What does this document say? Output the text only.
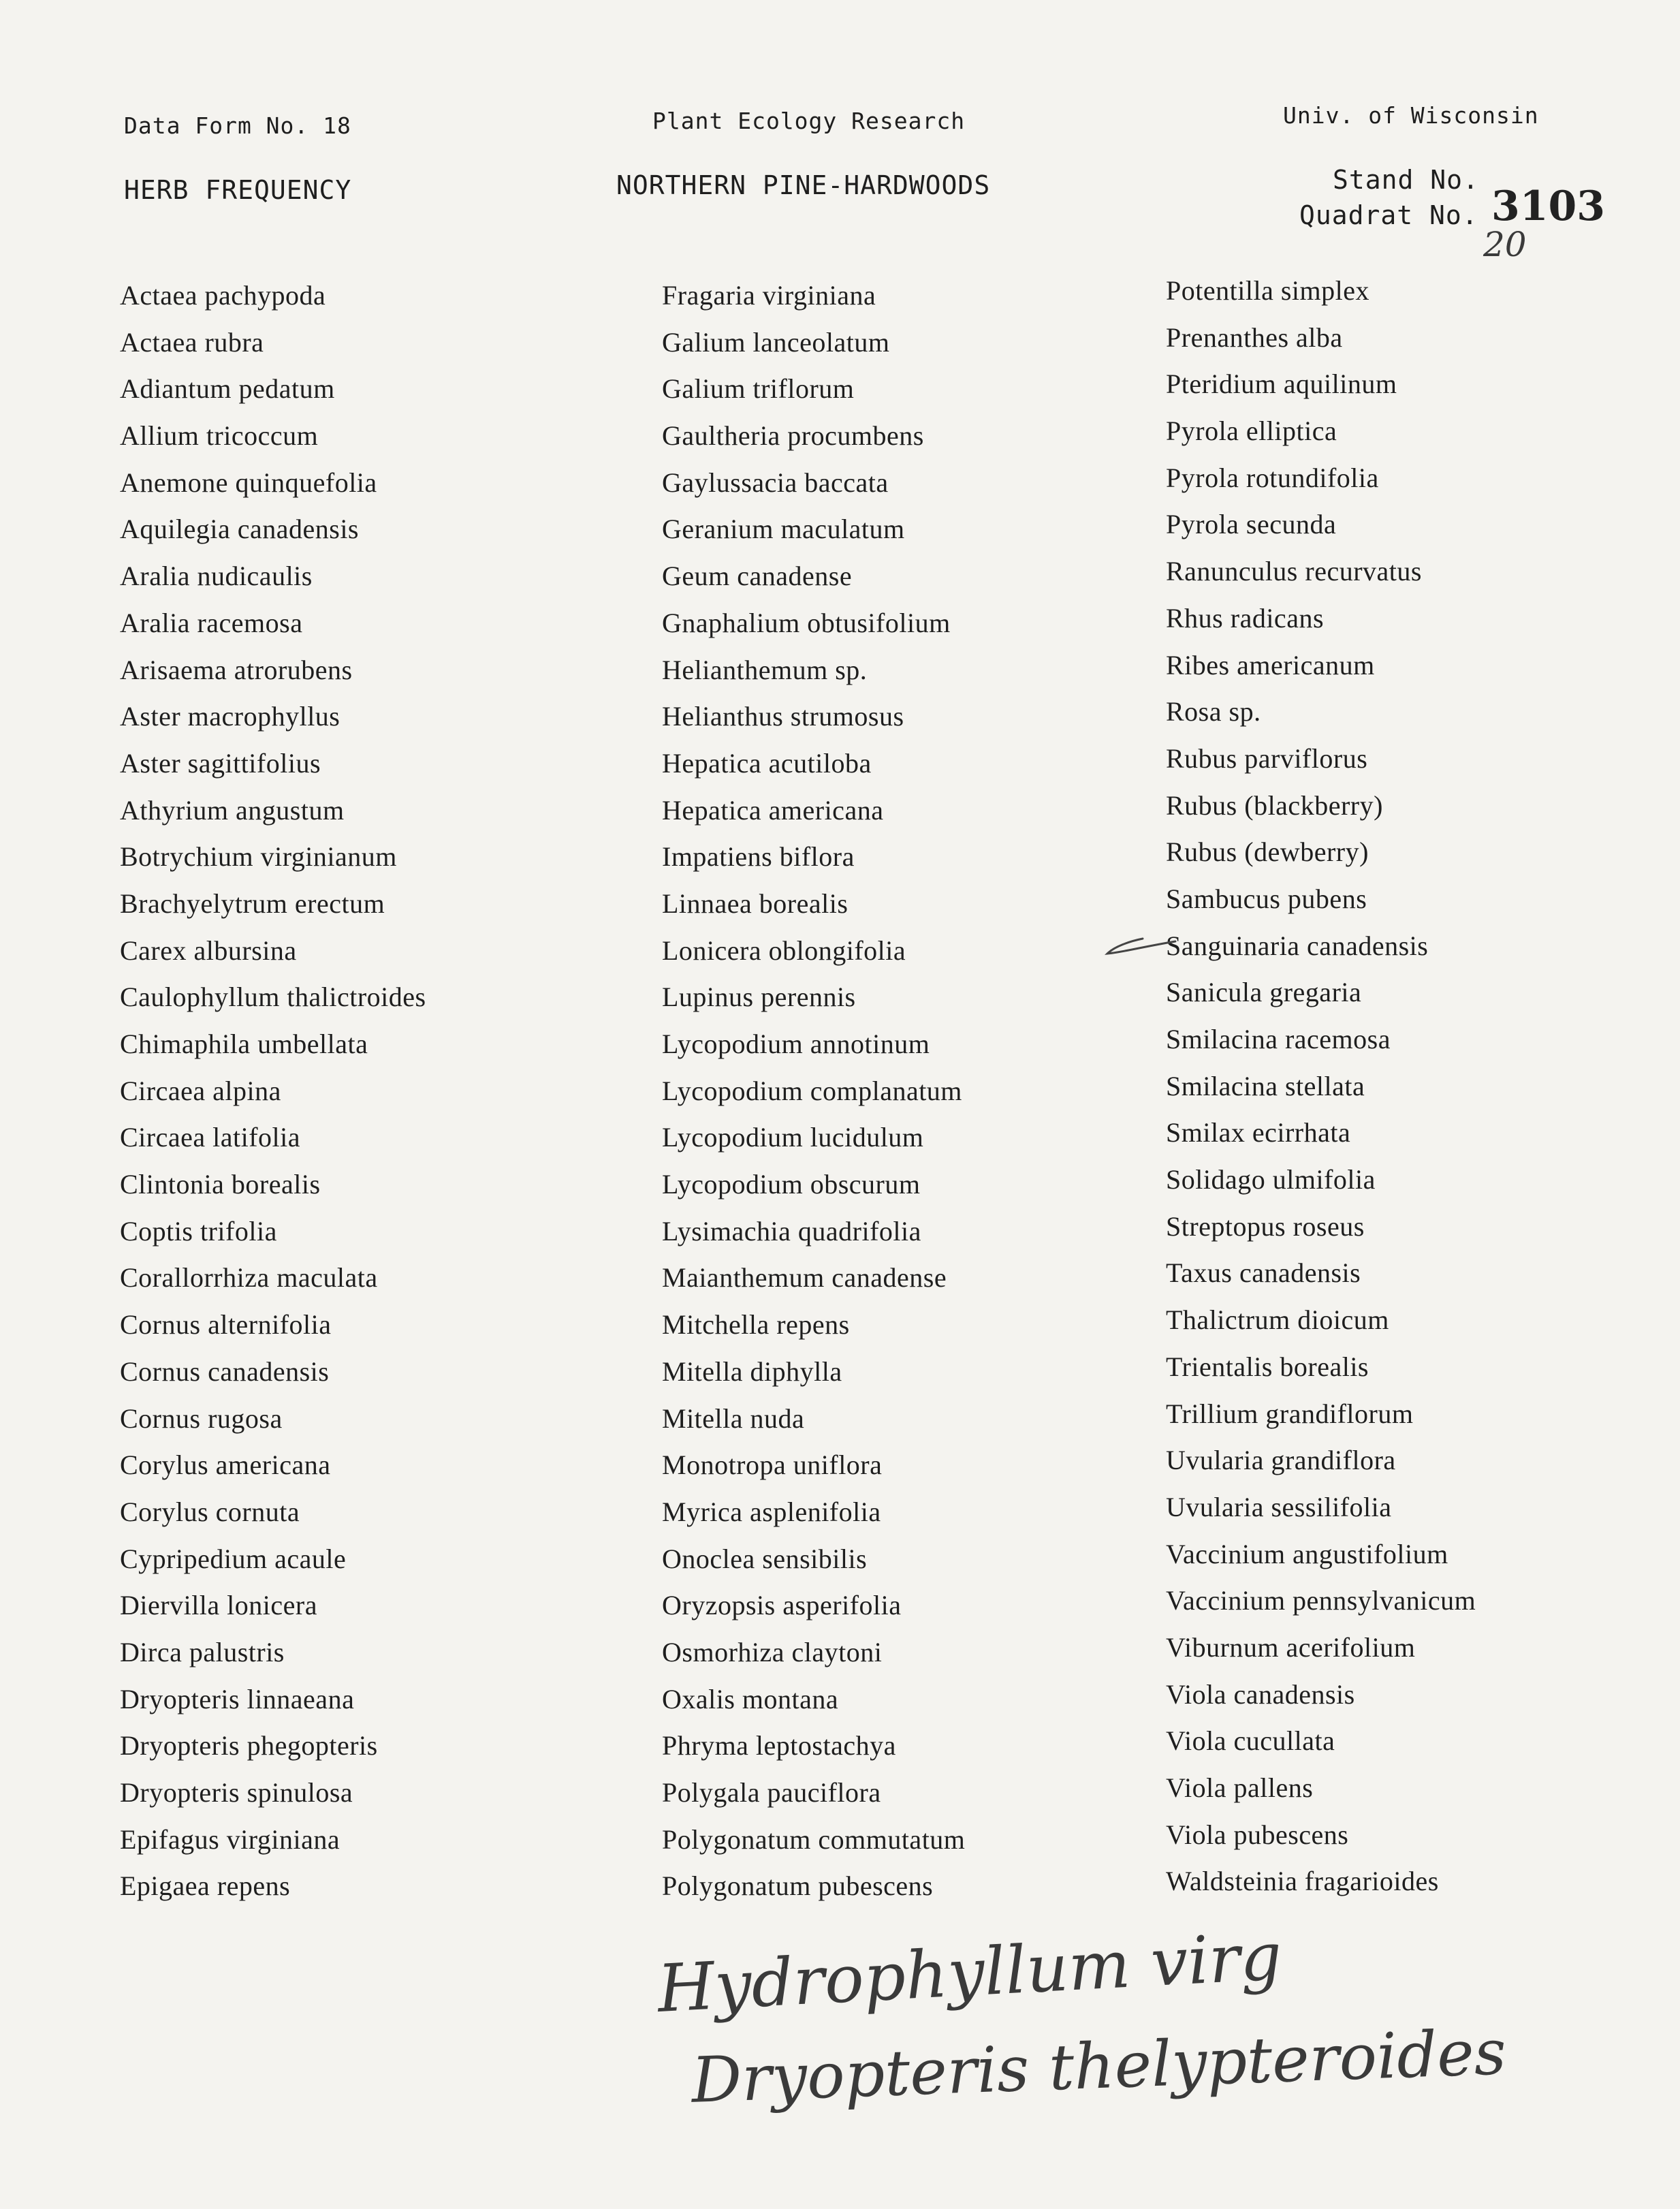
Data Form No. 18	Plant Ecology Research	Univ. of Wisconsin
HERB FREQUENCY	NORTHERN PINE-HARDWOODS	Stand No.
Quadrat No. 3103
20
Actaea pachypoda
Actaea rubra
Adiantum pedatum
Allium tricoccum
Anemone quinquefolia
Aquilegia canadensis
Aralia nudicaulis
Aralia racemosa
Arisaema atrorubens
Aster macrophyllus
Aster sagittifolius
Athyrium angustum
Botrychium virginianum
Brachyelytrum erectum
Carex albursina
Caulophyllum thalictroides
Chimaphila umbellata
Circaea alpina
Circaea latifolia
Clintonia borealis
Coptis trifolia
Corallorrhiza maculata
Cornus alternifolia
Cornus canadensis
Cornus rugosa
Corylus americana
Corylus cornuta
Cypripedium acaule
Diervilla lonicera
Dirca palustris
Dryopteris linnaeana
Dryopteris phegopteris
Dryopteris spinulosa
Epifagus virginiana
Epigaea repens
Fragaria virginiana
Galium lanceolatum
Galium triflorum
Gaultheria procumbens
Gaylussacia baccata
Geranium maculatum
Geum canadense
Gnaphalium obtusifolium
Helianthemum sp.
Helianthus strumosus
Hepatica acutiloba
Hepatica americana
Impatiens biflora
Linnaea borealis
Lonicera oblongifolia
Lupinus perennis
Lycopodium annotinum
Lycopodium complanatum
Lycopodium lucidulum
Lycopodium obscurum
Lysimachia quadrifolia
Maianthemum canadense
Mitchella repens
Mitella diphylla
Mitella nuda
Monotropa uniflora
Myrica asplenifolia
Onoclea sensibilis
Oryzopsis asperifolia
Osmorhiza claytoni
Oxalis montana
Phryma leptostachya
Polygala pauciflora
Polygonatum commutatum
Polygonatum pubescens
Potentilla simplex
Prenanthes alba
Pteridium aquilinum
Pyrola elliptica
Pyrola rotundifolia
Pyrola secunda
Ranunculus recurvatus
Rhus radicans
Ribes americanum
Rosa sp.
Rubus parviflorus
Rubus (blackberry)
Rubus (dewberry)
Sambucus pubens
Sanguinaria canadensis
Sanicula gregaria
Smilacina racemosa
Smilacina stellata
Smilax ecirrhata
Solidago ulmifolia
Streptopus roseus
Taxus canadensis
Thalictrum dioicum
Trientalis borealis
Trillium grandiflorum
Uvularia grandiflora
Uvularia sessilifolia
Vaccinium angustifolium
Vaccinium pennsylvanicum
Viburnum acerifolium
Viola canadensis
Viola cucullata
Viola pallens
Viola pubescens
Waldsteinia fragarioides
Hydrophyllum virg
Dryopteris thelypteroides
